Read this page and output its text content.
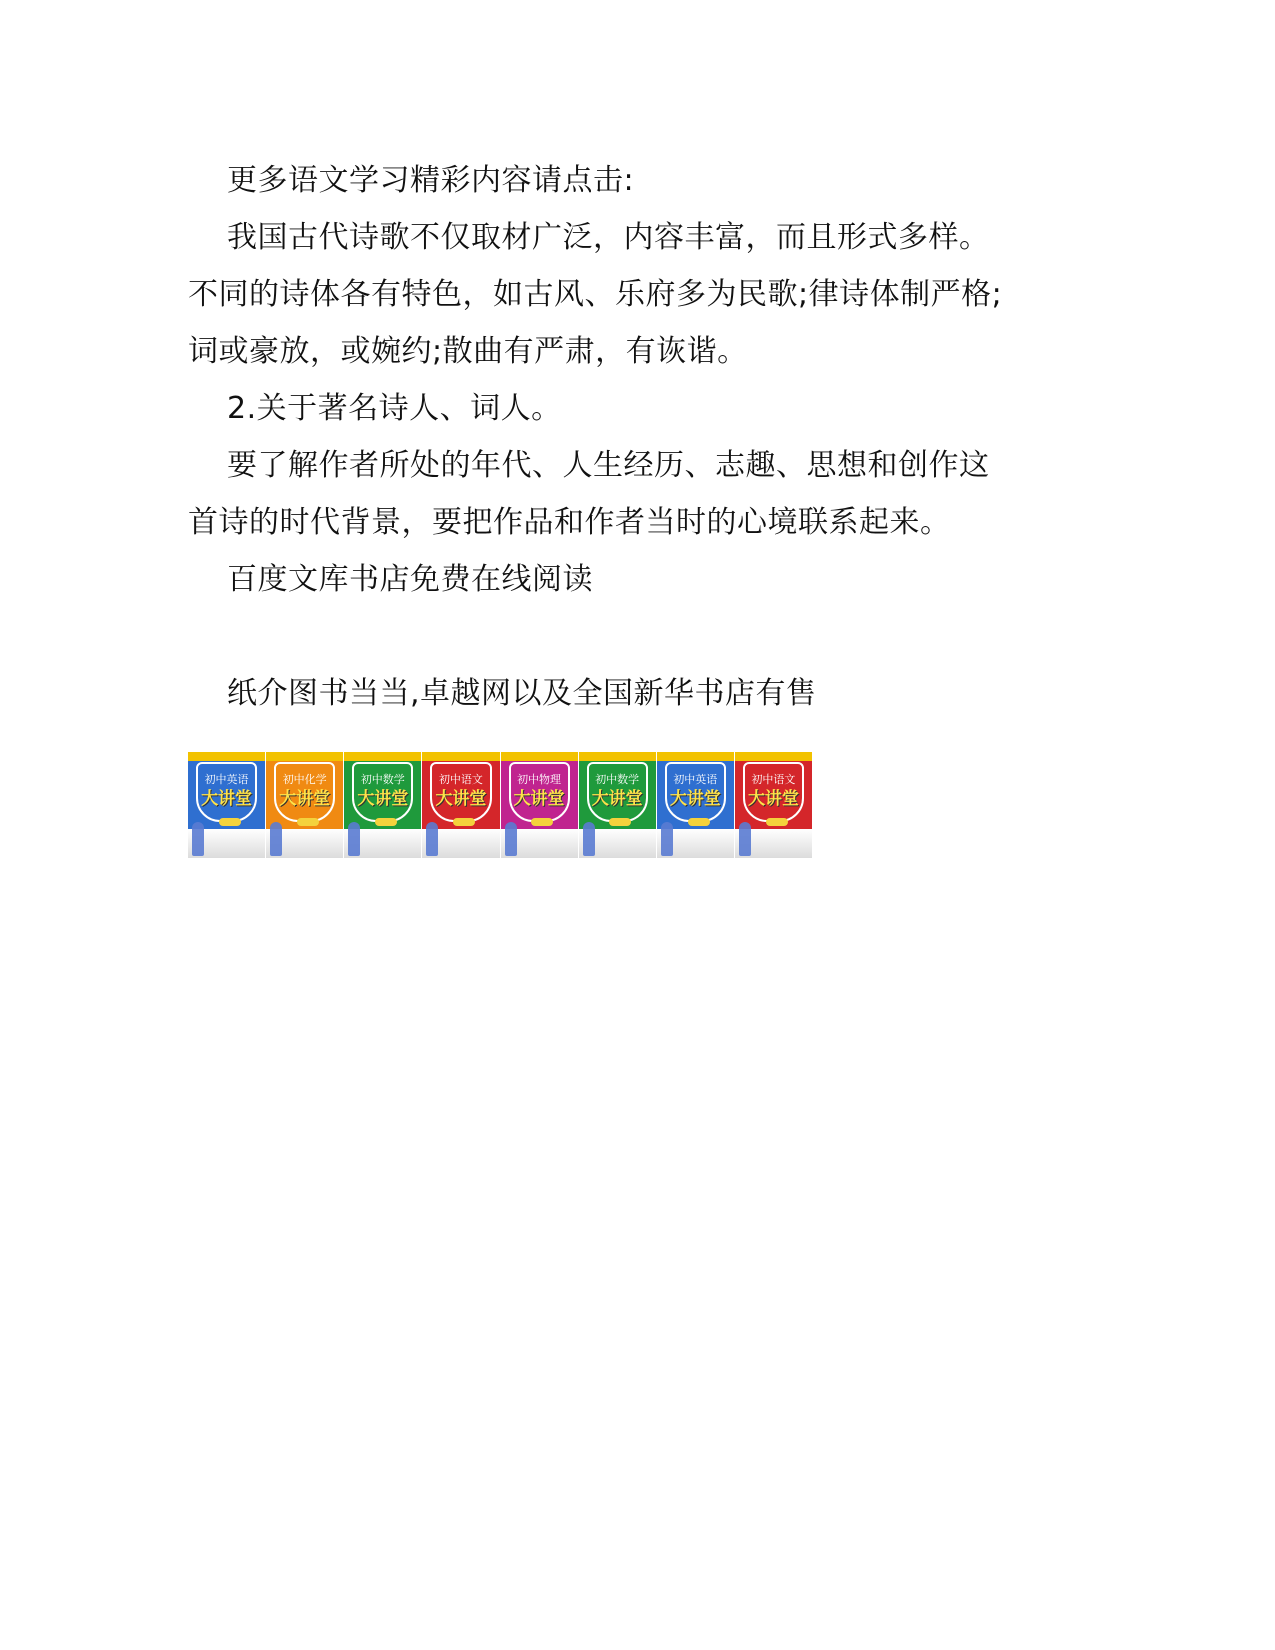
更多语文学习精彩内容请点击:

我国古代诗歌不仅取材广泛，内容丰富，而且形式多样。

不同的诗体各有特色，如古风、乐府多为民歌;律诗体制严格;

词或豪放，或婉约;散曲有严肃，有诙谐。

2.关于著名诗人、词人。

要了解作者所处的年代、人生经历、志趣、思想和创作这

首诗的时代背景，要把作品和作者当时的心境联系起来。

百度文库书店免费在线阅读

纸介图书当当,卓越网以及全国新华书店有售

初中英语
大讲堂
初中化学
大讲堂
初中数学
大讲堂
初中语文
大讲堂
初中物理
大讲堂
初中数学
大讲堂
初中英语
大讲堂
初中语文
大讲堂
